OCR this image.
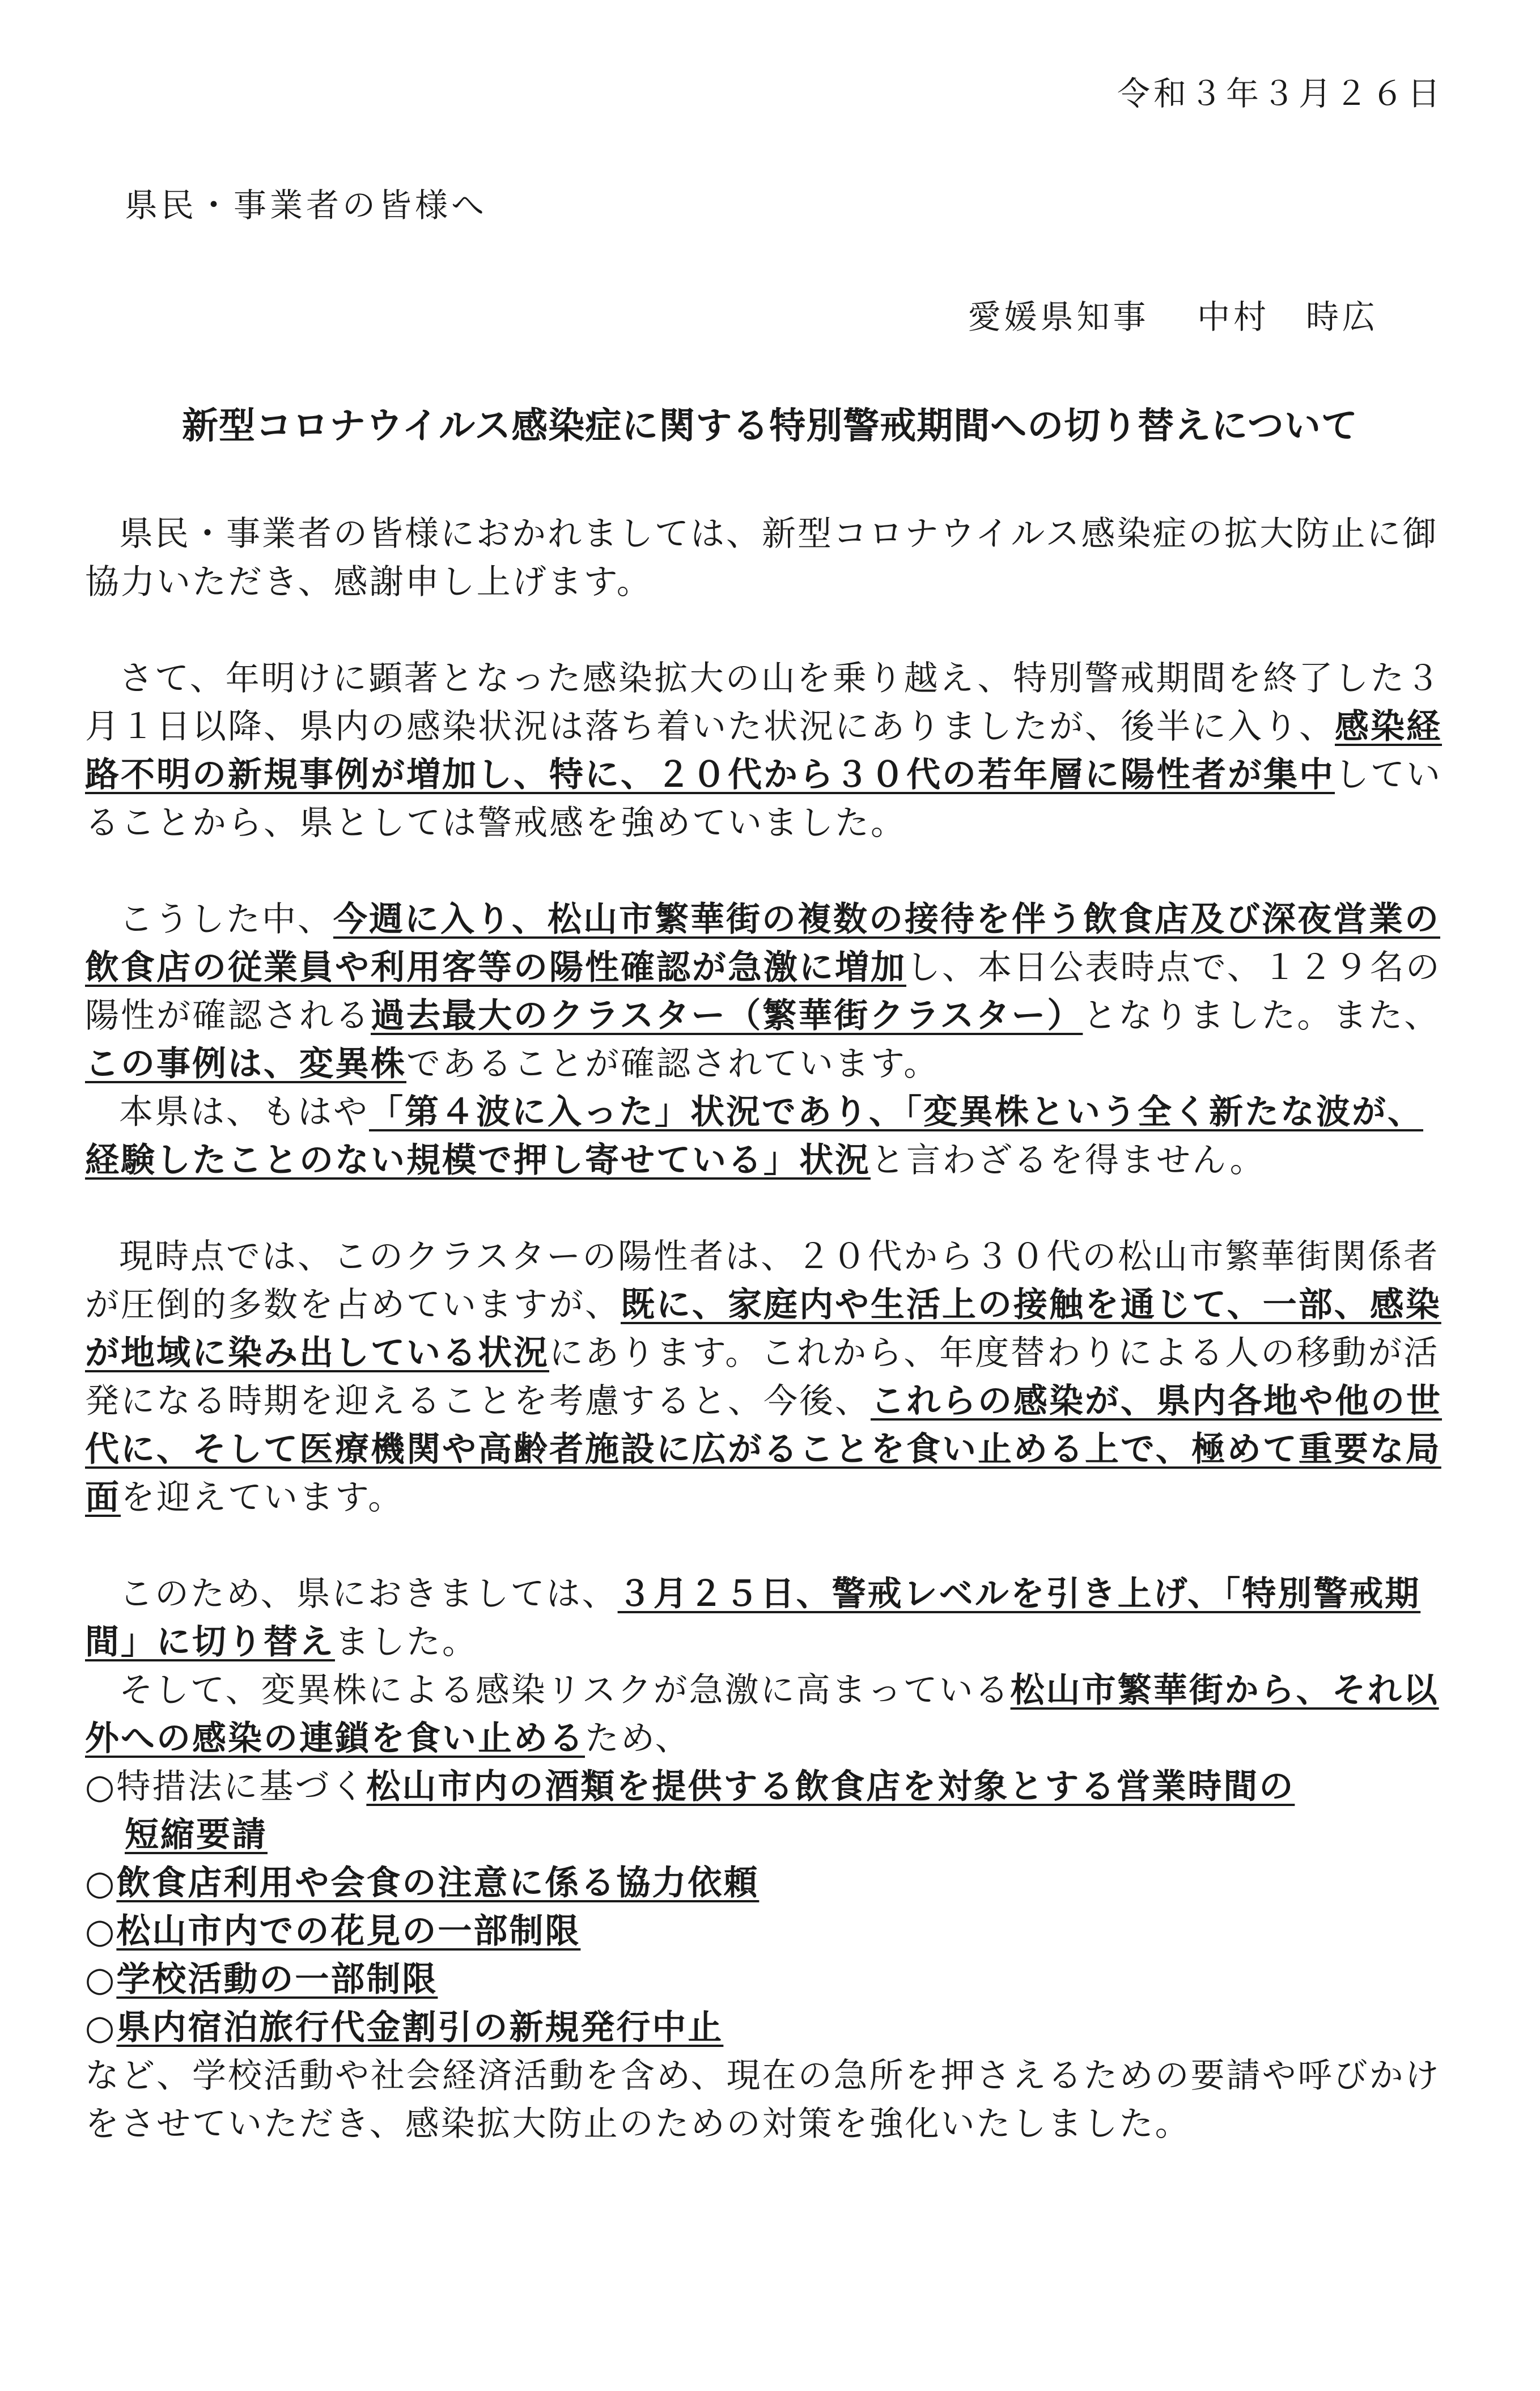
令和３年３月２６日
県民・事業者の皆様へ
愛媛県知事 中村　時広
新型コロナウイルス感染症に関する特別警戒期間への切り替えについて

県民・事業者の皆様におかれましては、新型コロナウイルス感染症の拡大防止に御協力いただき、感謝申し上げます。

さて、年明けに顕著となった感染拡大の山を乗り越え、特別警戒期間を終了した３月１日以降、県内の感染状況は落ち着いた状況にありましたが、後半に入り、感染経路不明の新規事例が増加し、特に、２０代から３０代の若年層に陽性者が集中していることから、県としては警戒感を強めていました。

こうした中、今週に入り、松山市繁華街の複数の接待を伴う飲食店及び深夜営業の飲食店の従業員や利用客等の陽性確認が急激に増加し、本日公表時点で、１２９名の陽性が確認される過去最大のクラスター（繁華街クラスター）となりました。また、この事例は、変異株であることが確認されています。

本県は、もはや「第４波に入った」状況であり、「変異株という全く新たな波が、経験したことのない規模で押し寄せている」状況と言わざるを得ません。

現時点では、このクラスターの陽性者は、２０代から３０代の松山市繁華街関係者が圧倒的多数を占めていますが、既に、家庭内や生活上の接触を通じて、一部、感染が地域に染み出している状況にあります。これから、年度替わりによる人の移動が活発になる時期を迎えることを考慮すると、今後、これらの感染が、県内各地や他の世代に、そして医療機関や高齢者施設に広がることを食い止める上で、極めて重要な局面を迎えています。

このため、県におきましては、３月２５日、警戒レベルを引き上げ、「特別警戒期間」に切り替えました。

そして、変異株による感染リスクが急激に高まっている松山市繁華街から、それ以外への感染の連鎖を食い止めるため、

○特措法に基づく松山市内の酒類を提供する飲食店を対象とする営業時間の
短縮要請
○飲食店利用や会食の注意に係る協力依頼
○松山市内での花見の一部制限
○学校活動の一部制限
○県内宿泊旅行代金割引の新規発行中止

など、学校活動や社会経済活動を含め、現在の急所を押さえるための要請や呼びかけをさせていただき、感染拡大防止のための対策を強化いたしました。
